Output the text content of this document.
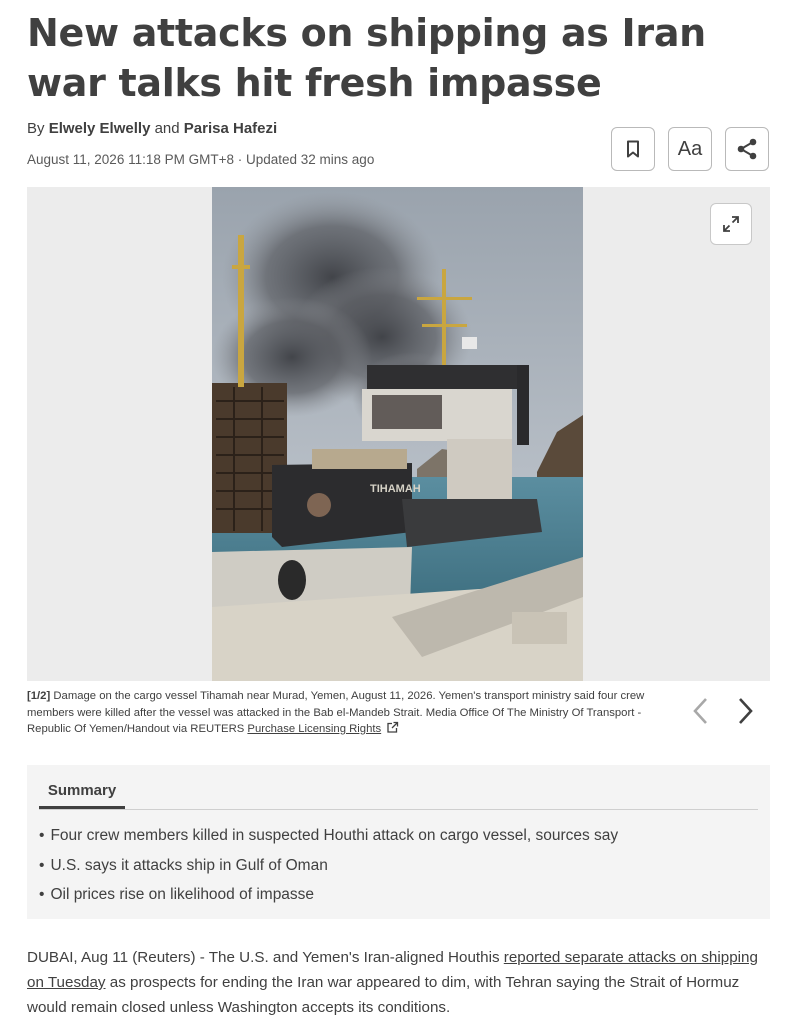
New attacks on shipping as Iran war talks hit fresh impasse
By Elwely Elwelly and Parisa Hafezi
August 11, 2026 11:18 PM GMT+8 · Updated 32 mins ago	Aa
TIHAMAH

[1/2] Damage on the cargo vessel Tihamah near Murad, Yemen, August 11, 2026. Yemen's transport ministry said four crew members were killed after the vessel was attacked in the Bab el-Mandeb Strait. Media Office Of The Ministry Of Transport - Republic Of Yemen/Handout via REUTERS Purchase Licensing Rights

Summary
• Four crew members killed in suspected Houthi attack on cargo vessel, sources say
• U.S. says it attacks ship in Gulf of Oman
• Oil prices rise on likelihood of impasse

DUBAI, Aug 11 (Reuters) - The U.S. and Yemen's Iran-aligned Houthis reported separate attacks on shipping on Tuesday as prospects for ending the Iran war appeared to dim, with Tehran saying the Strait of Hormuz would remain closed unless Washington accepts its conditions.
